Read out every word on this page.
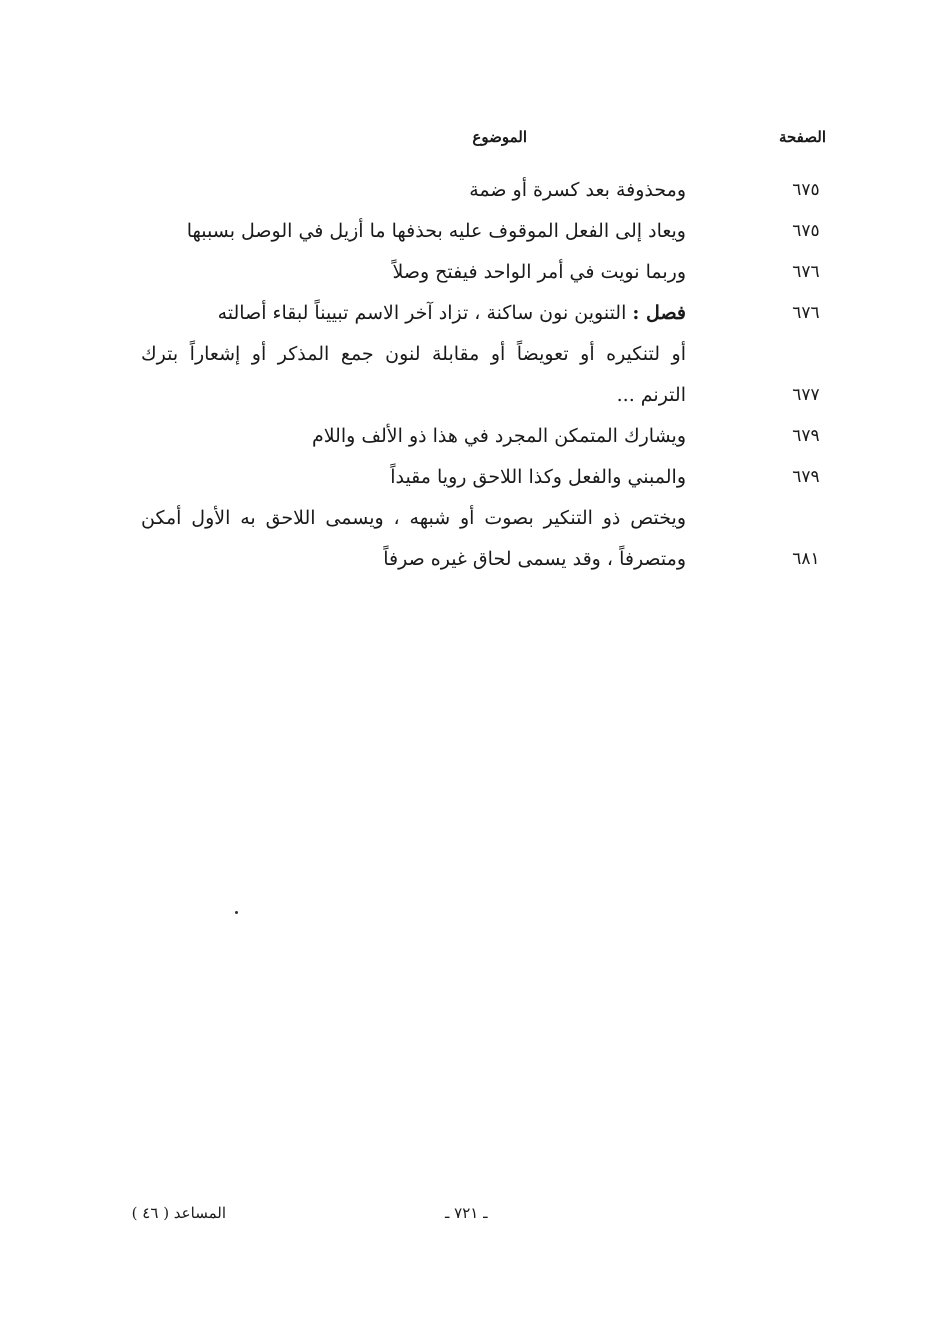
الصفحة
الموضوع
٦٧٥
ومحذوفة بعد كسرة أو ضمة
٦٧٥
ويعاد إلى الفعل الموقوف عليه بحذفها ما أزيل في الوصل بسببها
٦٧٦
وربما نويت في أمر الواحد فيفتح وصلاً
٦٧٦
فصل : التنوين نون ساكنة ، تزاد آخر الاسم تبييناً لبقاء أصالته
أو لتنكيره أو تعويضاً أو مقابلة لنون جمع المذكر أو إشعاراً بترك
٦٧٧
الترنم ...
٦٧٩
ويشارك المتمكن المجرد في هذا ذو الألف واللام
٦٧٩
والمبني والفعل وكذا اللاحق رويا مقيداً
ويختص ذو التنكير بصوت أو شبهه ، ويسمى اللاحق به الأول أمكن
٦٨١
ومتصرفاً ، وقد يسمى لحاق غيره صرفاً
ـ ٧٢١ ـ
المساعد ( ٤٦ )
